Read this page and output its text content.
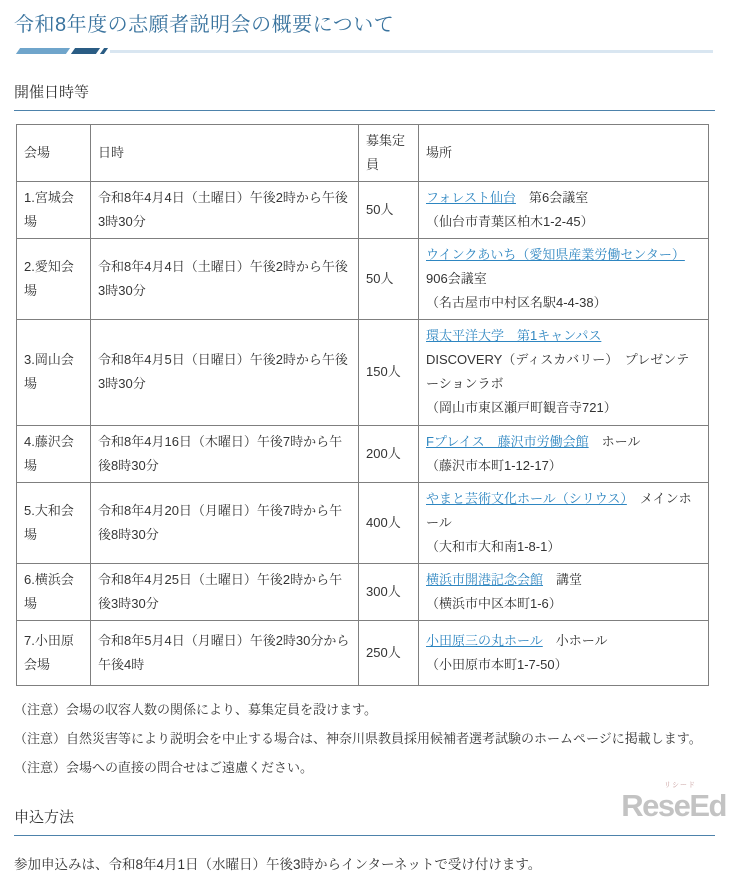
令和8年度の志願者説明会の概要について
開催日時等
会場	日時	募集定員	場所
1.宮城会場	令和8年4月4日（土曜日）午後2時から午後3時30分	50人	フォレスト仙台　第6会議室
（仙台市青葉区柏木1-2-45）

2.愛知会場	令和8年4月4日（土曜日）午後2時から午後3時30分	50人	ウインクあいち（愛知県産業労働センター）
906会議室
（名古屋市中村区名駅4-4-38）

3.岡山会場	令和8年4月5日（日曜日）午後2時から午後3時30分	150人	環太平洋大学　第1キャンパス
DISCOVERY（ディスカバリー）　プレゼンテーションラボ
（岡山市東区瀬戸町観音寺721）

4.藤沢会場	令和8年4月16日（木曜日）午後7時から午後8時30分	200人	Fプレイス　藤沢市労働会館　ホール
（藤沢市本町1-12-17）

5.大和会場	令和8年4月20日（月曜日）午後7時から午後8時30分	400人	やまと芸術文化ホール（シリウス）　メインホール
（大和市大和南1-8-1）

6.横浜会場	令和8年4月25日（土曜日）午後2時から午後3時30分	300人	横浜市開港記念会館　講堂
（横浜市中区本町1-6）

7.小田原会場	令和8年5月4日（月曜日）午後2時30分から午後4時	250人	小田原三の丸ホール　小ホール
（小田原市本町1-7-50）

（注意）会場の収容人数の関係により、募集定員を設けます。

（注意）自然災害等により説明会を中止する場合は、神奈川県教員採用候補者選考試験のホームページに掲載します。

（注意）会場への直接の問合せはご遠慮ください。

申込方法

参加申込みは、令和8年4月1日（水曜日）午後3時からインターネットで受け付けます。

リシード
ReseEd
